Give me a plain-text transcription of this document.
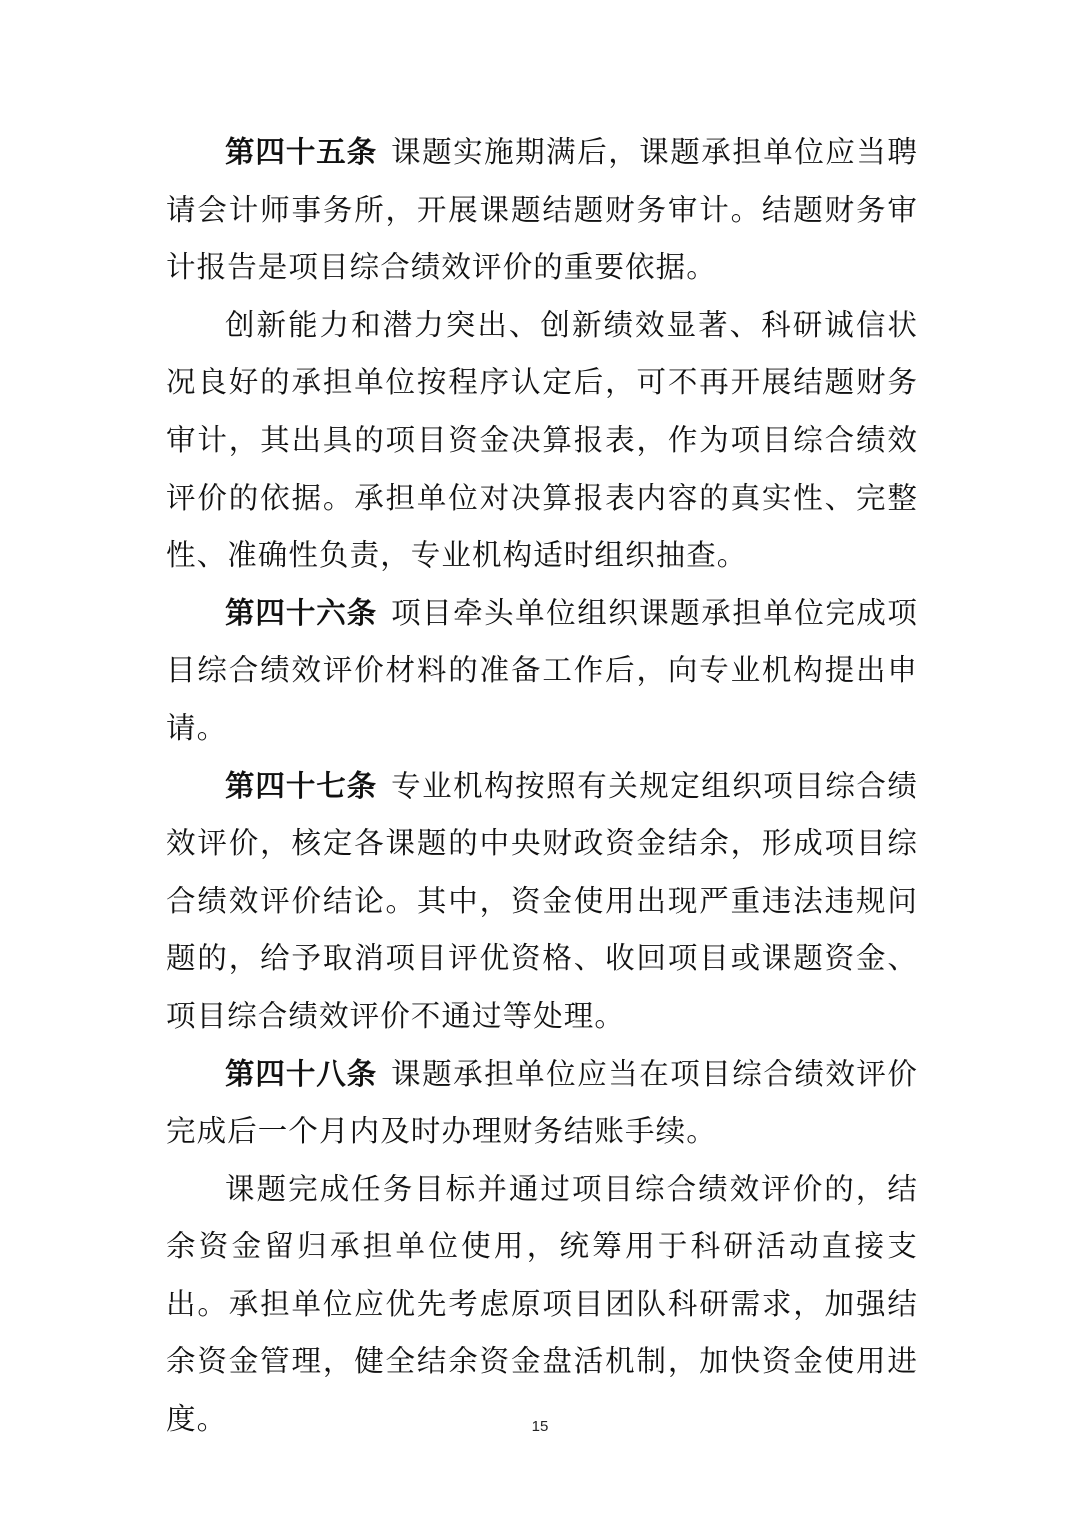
第四十五条 课题实施期满后，课题承担单位应当聘请会计师事务所，开展课题结题财务审计。结题财务审计报告是项目综合绩效评价的重要依据。

创新能力和潜力突出、创新绩效显著、科研诚信状况良好的承担单位按程序认定后，可不再开展结题财务审计，其出具的项目资金决算报表，作为项目综合绩效评价的依据。承担单位对决算报表内容的真实性、完整性、准确性负责，专业机构适时组织抽查。

第四十六条 项目牵头单位组织课题承担单位完成项目综合绩效评价材料的准备工作后，向专业机构提出申请。

第四十七条 专业机构按照有关规定组织项目综合绩效评价，核定各课题的中央财政资金结余，形成项目综合绩效评价结论。其中，资金使用出现严重违法违规问题的，给予取消项目评优资格、收回项目或课题资金、项目综合绩效评价不通过等处理。

第四十八条 课题承担单位应当在项目综合绩效评价完成后一个月内及时办理财务结账手续。

课题完成任务目标并通过项目综合绩效评价的，结余资金留归承担单位使用，统筹用于科研活动直接支出。承担单位应优先考虑原项目团队科研需求，加强结余资金管理，健全结余资金盘活机制，加快资金使用进度。	15
